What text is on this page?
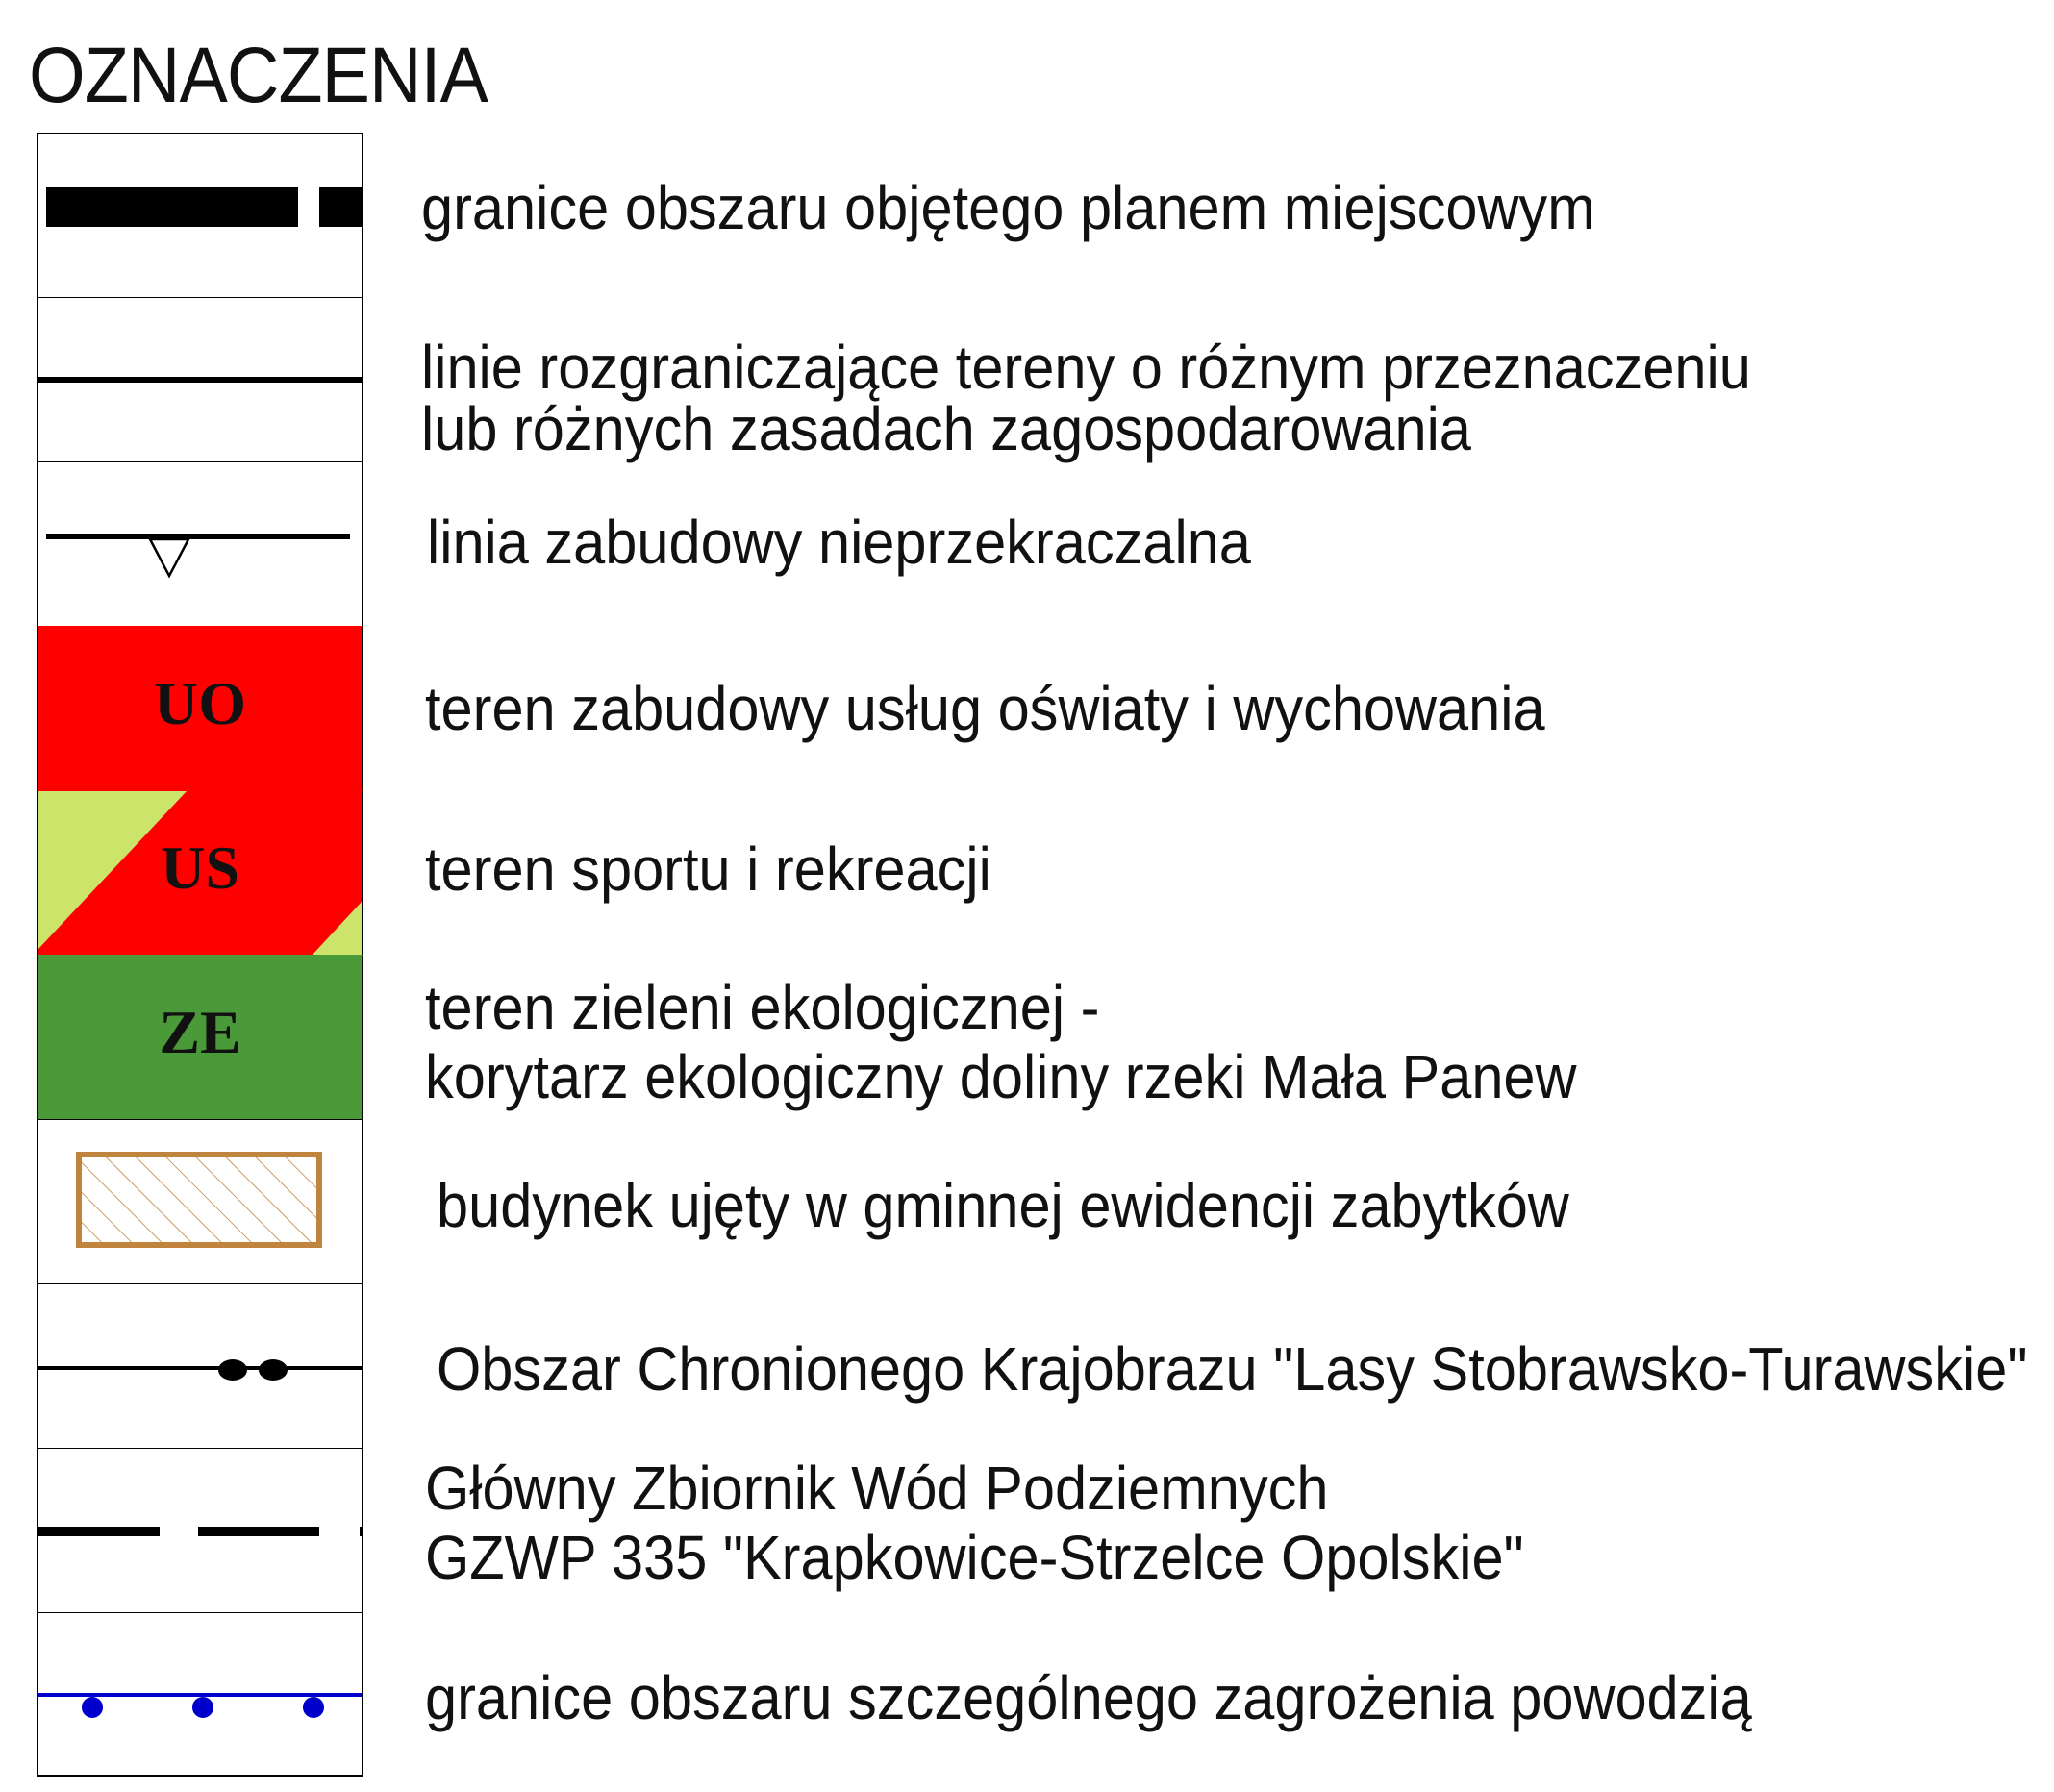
OZNACZENIA
UO
US
ZE
granice obszaru objętego planem miejscowym
linie rozgraniczające tereny o różnym przeznaczeniu
lub różnych zasadach zagospodarowania
linia zabudowy nieprzekraczalna
teren zabudowy usług oświaty i wychowania
teren sportu i rekreacji
teren zieleni ekologicznej -
korytarz ekologiczny doliny rzeki Mała Panew
budynek ujęty w gminnej ewidencji zabytków
Obszar Chronionego Krajobrazu "Lasy Stobrawsko-Turawskie"
Główny Zbiornik Wód Podziemnych
GZWP 335 "Krapkowice-Strzelce Opolskie"
granice obszaru szczególnego zagrożenia powodzią
